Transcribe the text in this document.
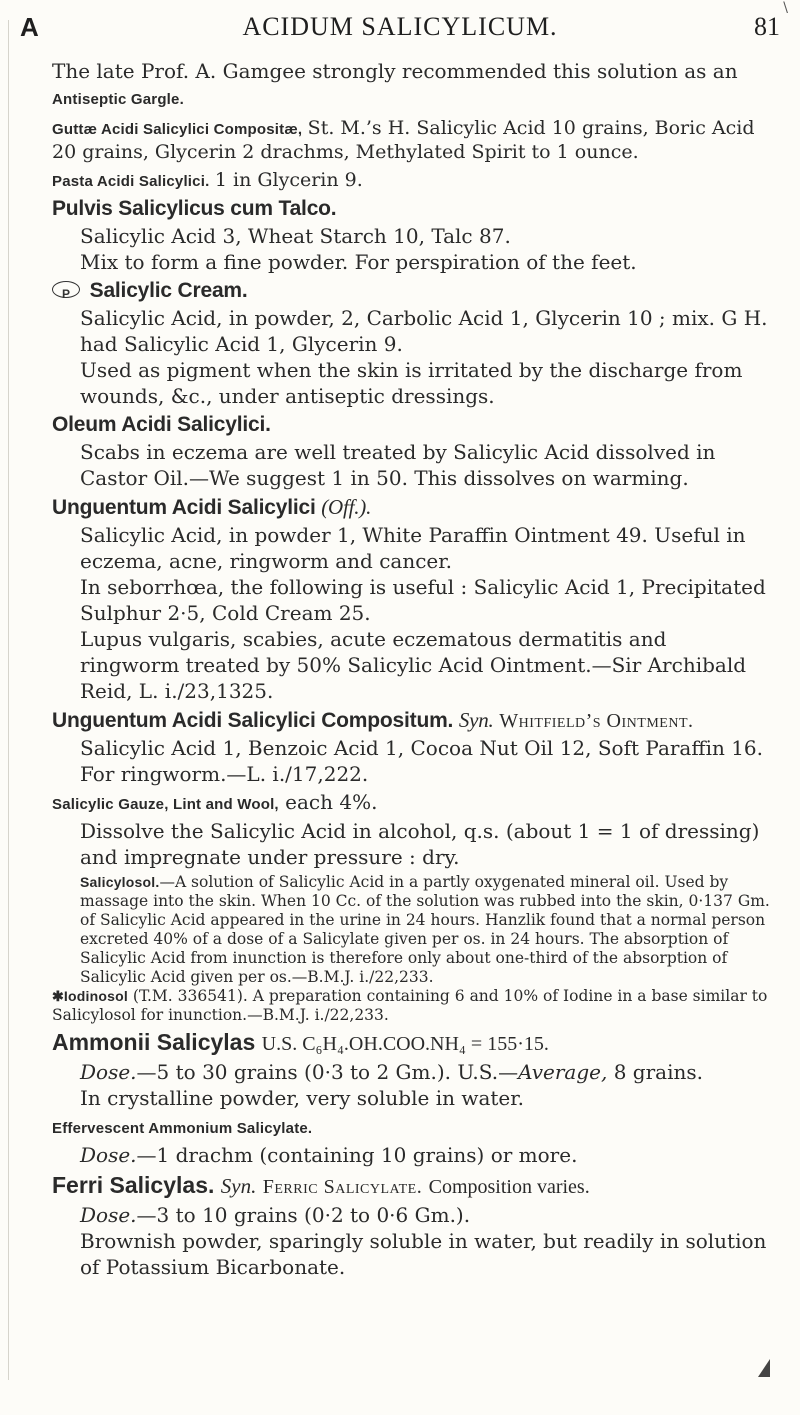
\
A	ACIDUM SALICYLICUM.	81

The late Prof. A. Gamgee strongly recommended this solution as an Antiseptic Gargle.

Guttæ Acidi Salicylici Compositæ, St. M.’s H. Salicylic Acid 10 grains, Boric Acid 20 grains, Glycerin 2 drachms, Methylated Spirit to 1 ounce.

Pasta Acidi Salicylici. 1 in Glycerin 9.

Pulvis Salicylicus cum Talco.

Salicylic Acid 3, Wheat Starch 10, Talc 87.

Mix to form a fine powder. For perspiration of the feet.

P Salicylic Cream.

Salicylic Acid, in powder, 2, Carbolic Acid 1, Glycerin 10 ; mix. G H. had Salicylic Acid 1, Glycerin 9.

Used as pigment when the skin is irritated by the discharge from wounds, &c., under antiseptic dressings.

Oleum Acidi Salicylici.

Scabs in eczema are well treated by Salicylic Acid dissolved in Castor Oil.—We suggest 1 in 50. This dissolves on warming.

Unguentum Acidi Salicylici (Off.).

Salicylic Acid, in powder 1, White Paraffin Ointment 49. Useful in eczema, acne, ringworm and cancer.

In seborrhœa, the following is useful : Salicylic Acid 1, Precipitated Sulphur 2·5, Cold Cream 25.

Lupus vulgaris, scabies, acute eczematous dermatitis and ringworm treated by 50% Salicylic Acid Ointment.—Sir Archibald Reid, L. i./23,1325.

Unguentum Acidi Salicylici Compositum. Syn. Whitfield’s Ointment.

Salicylic Acid 1, Benzoic Acid 1, Cocoa Nut Oil 12, Soft Paraffin 16. For ringworm.—L. i./17,222.

Salicylic Gauze, Lint and Wool, each 4%.

Dissolve the Salicylic Acid in alcohol, q.s. (about 1 = 1 of dressing) and impregnate under pressure : dry.

Salicylosol.—A solution of Salicylic Acid in a partly oxygenated mineral oil. Used by massage into the skin. When 10 Cc. of the solution was rubbed into the skin, 0·137 Gm. of Salicylic Acid appeared in the urine in 24 hours. Hanzlik found that a normal person excreted 40% of a dose of a Salicylate given per os. in 24 hours. The absorption of Salicylic Acid from inunction is therefore only about one-third of the absorption of Salicylic Acid given per os.—B.M.J. i./22,233.

✱Iodinosol (T.M. 336541). A preparation containing 6 and 10% of Iodine in a base similar to Salicylosol for inunction.—B.M.J. i./22,233.

Ammonii Salicylas U.S. C₆H₄.OH.COO.NH₄ = 155·15.

Dose.—5 to 30 grains (0·3 to 2 Gm.). U.S.—Average, 8 grains.

In crystalline powder, very soluble in water.

Effervescent Ammonium Salicylate.

Dose.—1 drachm (containing 10 grains) or more.

Ferri Salicylas. Syn. Ferric Salicylate. Composition varies.

Dose.—3 to 10 grains (0·2 to 0·6 Gm.).

Brownish powder, sparingly soluble in water, but readily in solution of Potassium Bicarbonate.
